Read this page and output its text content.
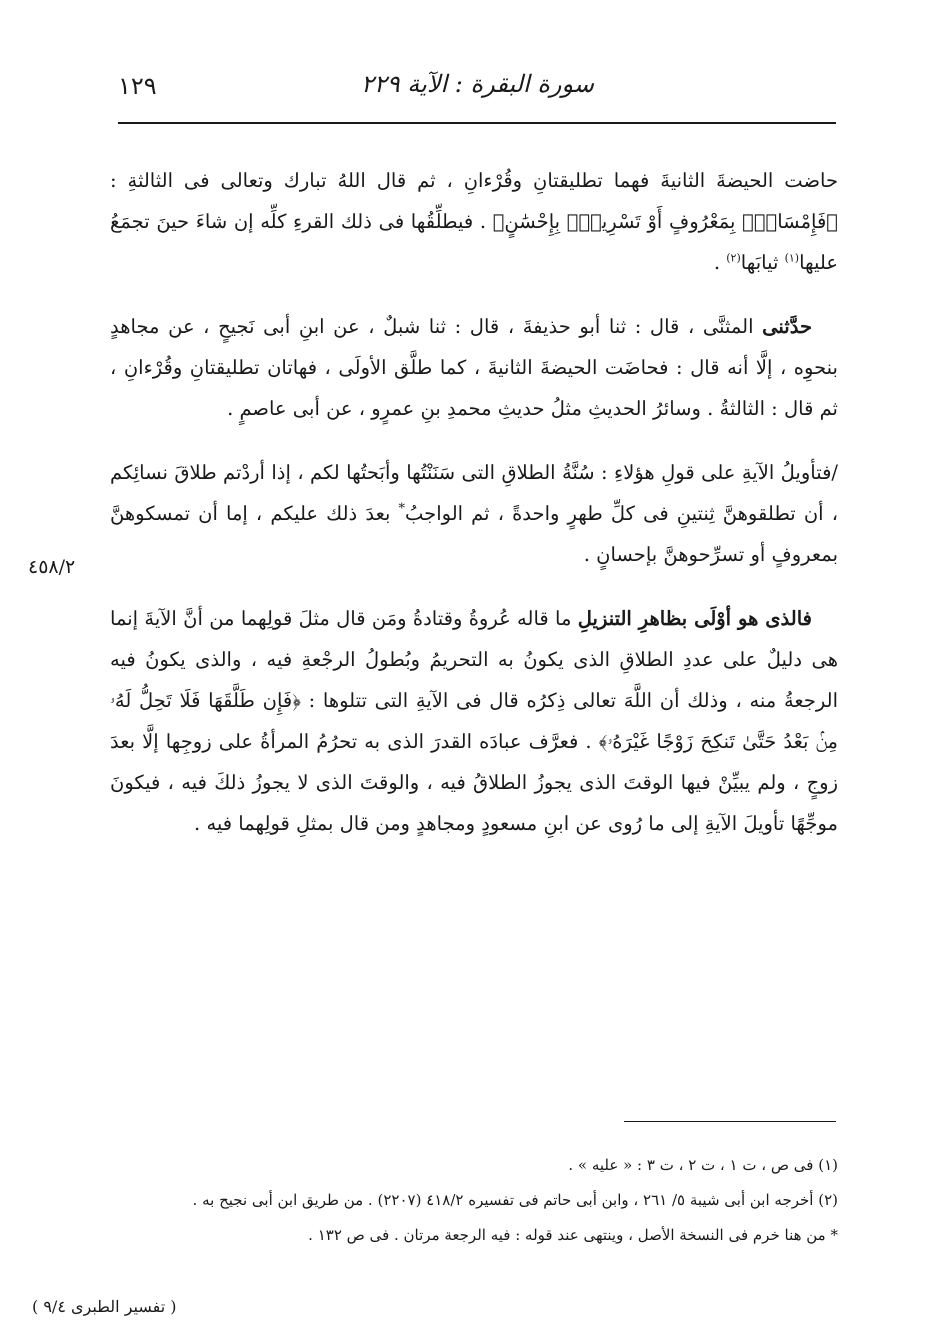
١٢٩	سورة البقرة : الآية ٢٢٩
٤٥٨/٢

حاضت الحيضةَ الثانيةَ فهما تطليقتانِ وقُرْءانِ ، ثم قال اللهُ تبارك وتعالى فى الثالثةِ : ﴿فَإِمْسَاكُۢ بِمَعْرُوفٍ أَوْ تَسْرِيحُۢ بِإِحْسَٰنٍ﴾ . فيطلِّقُها فى ذلك القرءِ كلِّه إن شاءَ حينَ تجمَعُ عليها$^{(١)}$ ثيابَها$^{(٢)}$ .

حدَّثنى المثنَّى ، قال : ثنا أبو حذيفةَ ، قال : ثنا شبلٌ ، عن ابنِ أبى نَجيحٍ ، عن مجاهدٍ بنحوِه ، إلَّا أنه قال : فحاضَت الحيضةَ الثانيةَ ، كما طلَّق الأولَى ، فهاتان تطليقتانِ وقُرْءانِ ، ثم قال : الثالثةُ . وسائرُ الحديثِ مثلُ حديثِ محمدِ بنِ عمرٍو ، عن أبى عاصمٍ .

/فتأويلُ الآيةِ على قولِ هؤلاءِ : سُنَّةُ الطلاقِ التى سَنَنْتُها وأبَحتُها لكم ، إذا أردْتم طلاقَ نسائِكم ، أن تطلقوهنَّ ثِنتينِ فى كلِّ طهرٍ واحدةً ، ثم الواجبُ* بعدَ ذلك عليكم ، إما أن تمسكوهنَّ بمعروفٍ أو تسرِّحوهنَّ بإحسانٍ .

فالذى هو أوْلَى بظاهرِ التنزيلِ ما قاله عُروةُ وقتادةُ ومَن قال مثلَ قولِهما من أنَّ الآيةَ إنما هى دليلٌ على عددِ الطلاقِ الذى يكونُ به التحريمُ وبُطولُ الرجْعةِ فيه ، والذى يكونُ فيه الرجعةُ منه ، وذلك أن اللَّهَ تعالى ذِكرُه قال فى الآيةِ التى تتلوها : ﴿فَإِن طَلَّقَهَا فَلَا تَحِلُّ لَهُۥ مِنۢ بَعْدُ حَتَّىٰ تَنكِحَ زَوْجًا غَيْرَهُۥ﴾ . فعرَّف عبادَه القدرَ الذى به تحرُمُ المرأةُ على زوجِها إلَّا بعدَ زوجٍ ، ولم يبيِّنْ فيها الوقتَ الذى يجوزُ الطلاقُ فيه ، والوقتَ الذى لا يجوزُ ذلكَ فيه ، فيكونَ موجِّهًا تأويلَ الآيةِ إلى ما رُوى عن ابنِ مسعودٍ ومجاهدٍ ومن قال بمثلِ قولِهما فيه .

(١) فى ص ، ت ١ ، ت ٢ ، ت ٣ : « عليه » .

(٢) أخرجه ابن أبى شيبة ٥/ ٢٦١ ، وابن أبى حاتم فى تفسيره ٤١٨/٢ (٢٢٠٧) . من طريق ابن أبى نجيح به .

* من هنا خرم فى النسخة الأصل ، وينتهى عند قوله : فيه الرجعة مرتان . فى ص ١٣٢ .

( تفسير الطبرى ٩/٤ )
